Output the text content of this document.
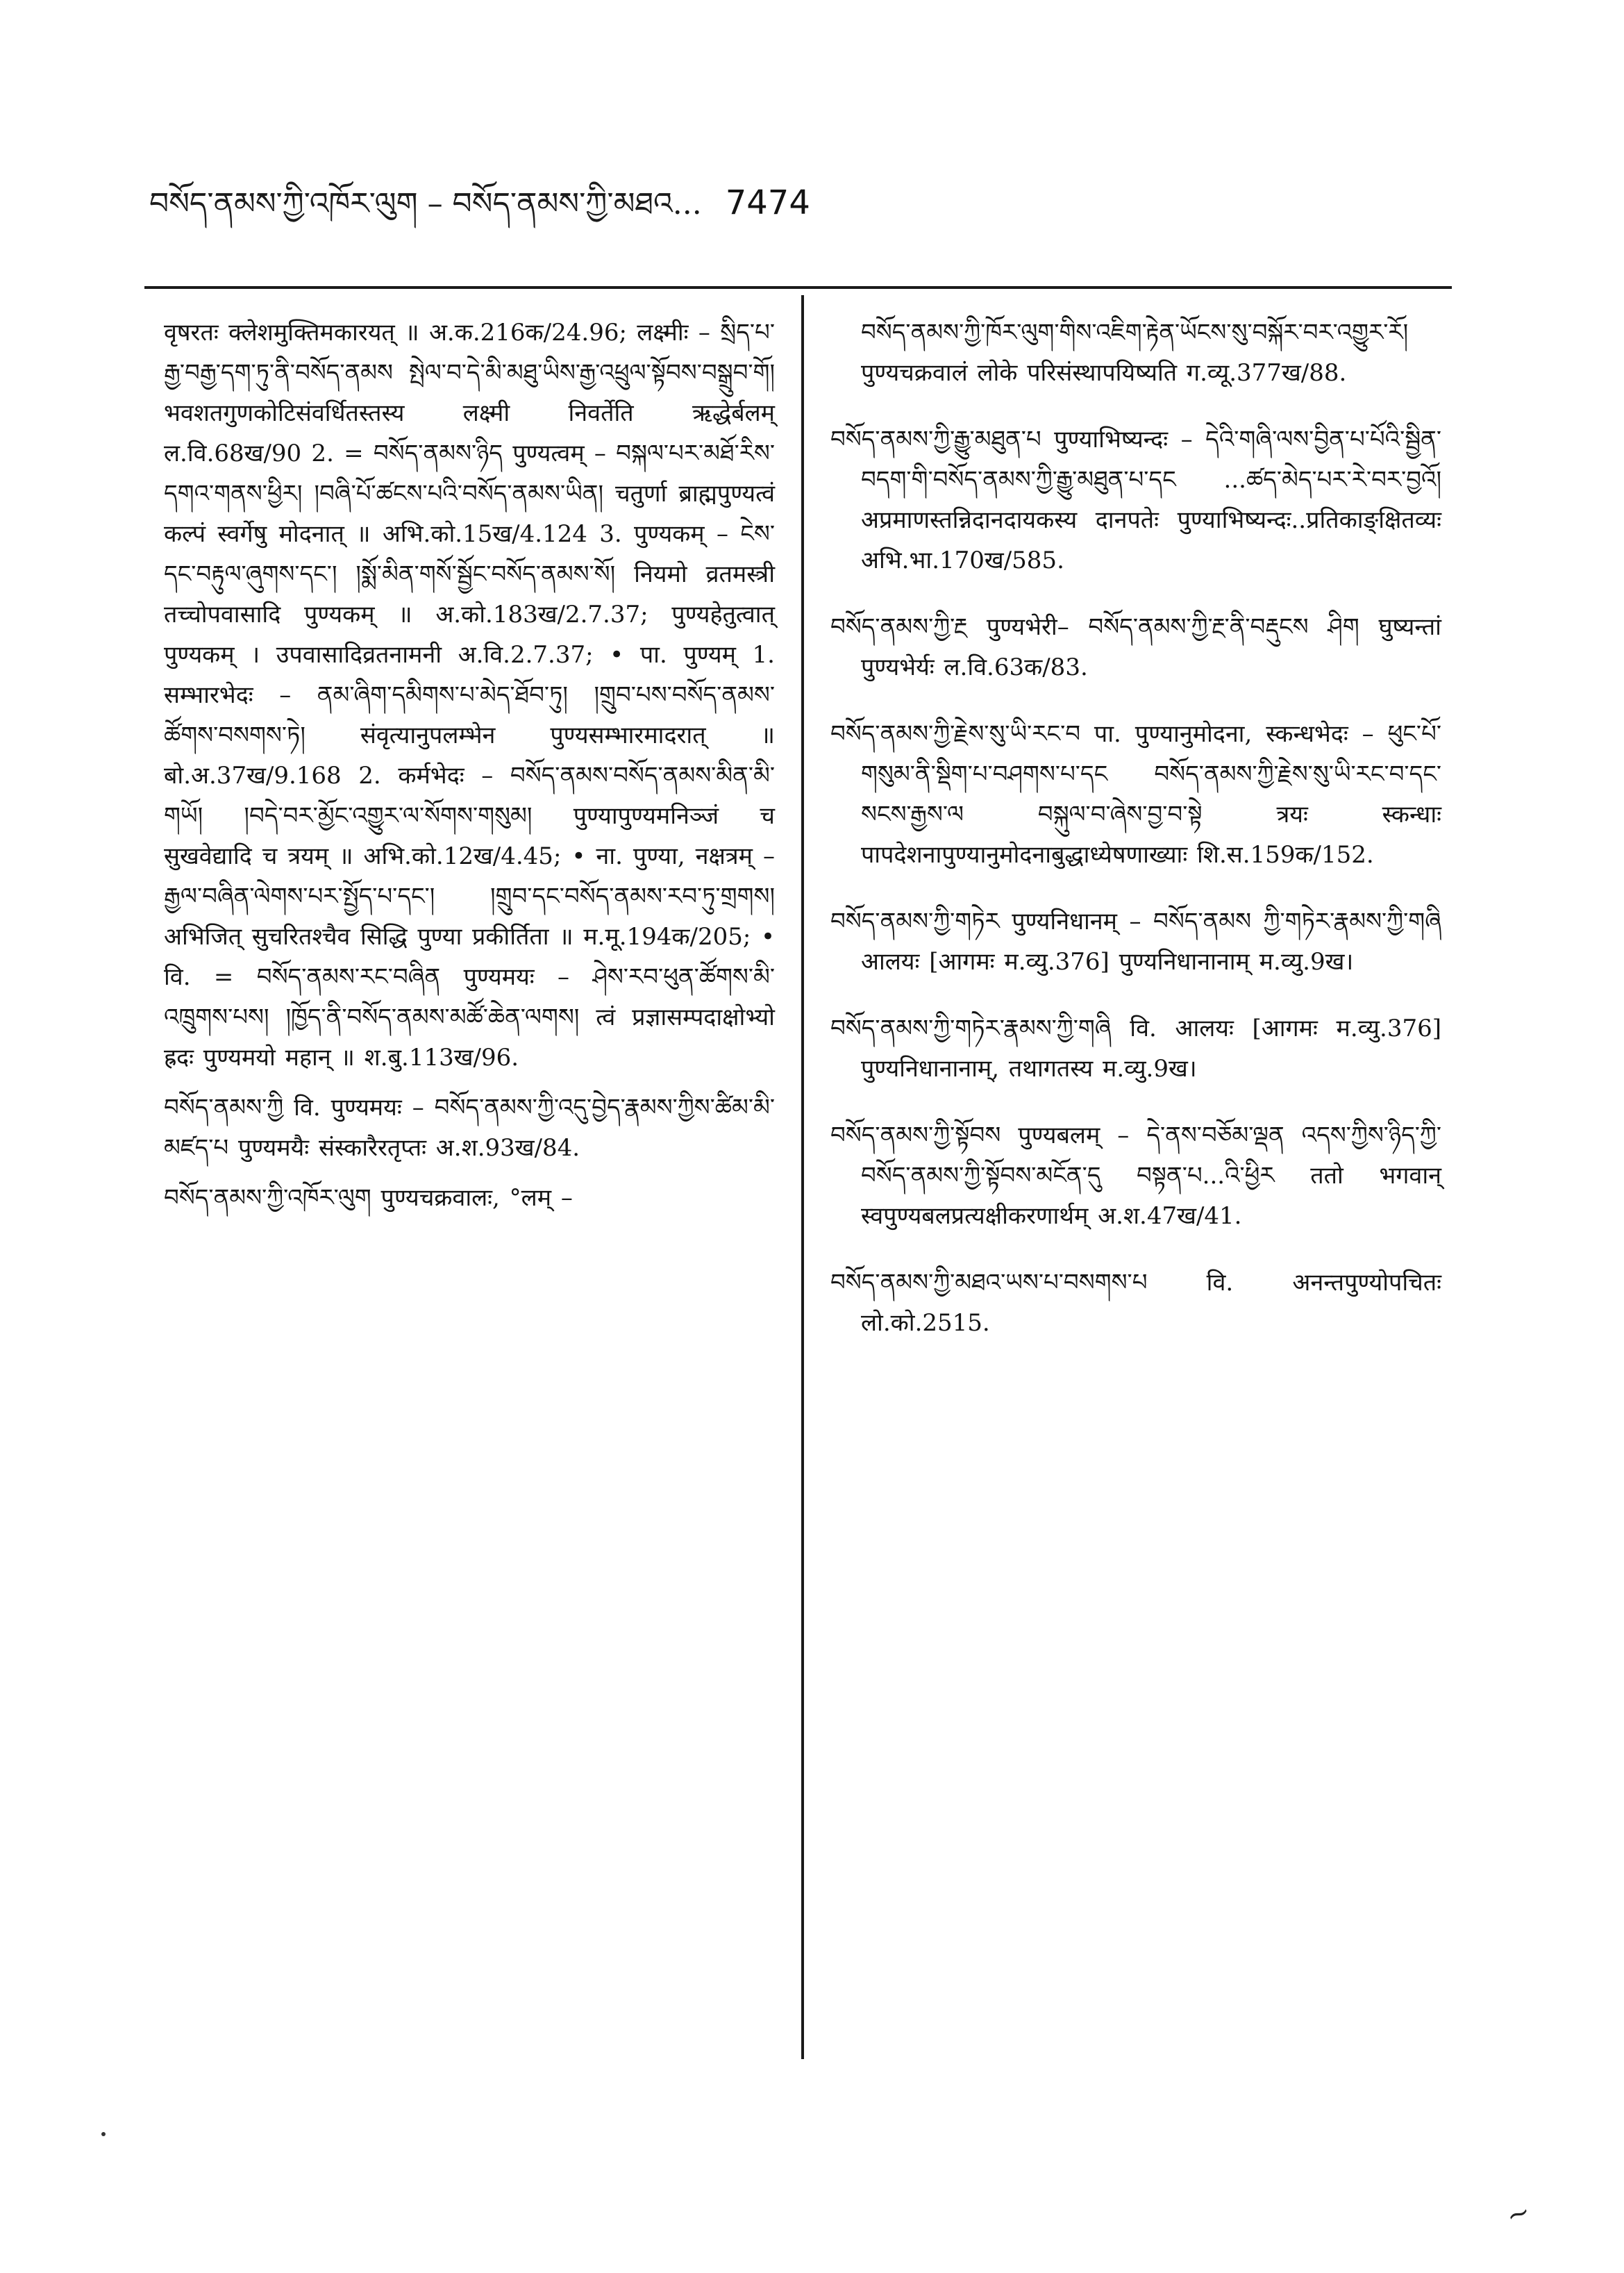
བསོད་ནམས་ཀྱི་འཁོར་ལུག – བསོད་ནམས་ཀྱི་མཐའ... 7474

वृषरतः क्लेशमुक्तिमकारयत् ॥ अ.क.216क/24.96; लक्ष्मीः – སྲིད་པ་རྒྱ་བརྒྱ་དག་ཏུ་ནི་བསོད་ནམས སྤེལ་བ་དེ་མི་མཐུ་ཡིས་རྒྱ་འཕྲུལ་སྟོབས་བསྒྲུབ་གོ། भवशतगुणकोटिसंवर्धितस्तस्य लक्ष्मी निवर्तेति ऋद्धेर्बलम् ल.वि.68ख/90 2. = བསོད་ནམས་ཉིད पुण्यत्वम् – བསྐལ་པར་མཐོ་རིས་དགའ་གནས་ཕྱིར། །བཞི་པོ་ཚངས་པའི་བསོད་ནམས་ཡིན། चतुर्णा ब्राह्मपुण्यत्वं कल्पं स्वर्गेषु मोदनात् ॥ अभि.को.15ख/4.124 3. पुण्यकम् – ངེས་དང་བརྟུལ་ཞུགས་དང་། །སྨོ་མིན་གསོ་སྦྱོང་བསོད་ནམས་སོ། नियमो व्रतमस्त्री तच्चोपवासादि पुण्यकम् ॥ अ.को.183ख/2.7.37; पुण्यहेतुत्वात् पुण्यकम् । उपवासादिव्रतनामनी अ.वि.2.7.37; • पा. पुण्यम् 1. सम्भारभेदः – ནམ་ཞིག་དམིགས་པ་མེད་ཐོབ་ཏུ། །གྲུབ་པས་བསོད་ནམས་ཚོགས་བསགས་ཏེ། संवृत्यानुपलम्भेन पुण्यसम्भारमादरात् ॥ बो.अ.37ख/9.168 2. कर्मभेदः – བསོད་ནམས་བསོད་ནམས་མིན་མི་གཡོ། །བདེ་བར་མྱོང་འགྱུར་ལ་སོགས་གསུམ། पुण्यापुण्यमनिञ्जं च सुखवेद्यादि च त्रयम् ॥ अभि.को.12ख/4.45; • ना. पुण्या, नक्षत्रम् – རྒྱལ་བཞིན་ལེགས་པར་སྤྱོད་པ་དང་། །གྲུབ་དང་བསོད་ནམས་རབ་ཏུ་གྲགས། अभिजित् सुचरितश्चैव सिद्धि पुण्या प्रकीर्तिता ॥ म.मू.194क/205; • वि. = བསོད་ནམས་རང་བཞིན पुण्यमयः – ཤེས་རབ་ཕུན་ཚོགས་མི་འཁྲུགས་པས། །ཁྱོད་ནི་བསོད་ནམས་མཚོ་ཆེན་ལགས། त्वं प्रज्ञासम्पदाक्षोभ्यो ह्रदः पुण्यमयो महान् ॥ श.बु.113ख/96.

བསོད་ནམས་ཀྱི वि. पुण्यमयः – བསོད་ནམས་ཀྱི་འདུ་བྱེད་རྣམས་ཀྱིས་ཚིམ་མི་མཛད་པ पुण्यमयैः संस्कारैरतृप्तः अ.श.93ख/84.

བསོད་ནམས་ཀྱི་འཁོར་ལུག पुण्यचक्रवालः, °लम् –

བསོད་ནམས་ཀྱི་ཁོར་ལུག་གིས་འཇིག་རྟེན་ཡོངས་སུ་བསྐོར་བར་འགྱུར་རོ། पुण्यचक्रवालं लोके परिसंस्थापयिष्यति ग.व्यू.377ख/88.

བསོད་ནམས་ཀྱི་རྒྱུ་མཐུན་པ पुण्याभिष्यन्दः – དེའི་གཞི་ལས་བྱིན་པ་པོའི་སྦྱིན་བདག་གི་བསོད་ནམས་ཀྱི་རྒྱུ་མཐུན་པ་དང ...ཚད་མེད་པར་རེ་བར་བྱའོ། अप्रमाणस्तन्निदानदायकस्य दानपतेः पुण्याभिष्यन्दः..प्रतिकाङ्क्षितव्यः अभि.भा.170ख/585.

བསོད་ནམས་ཀྱི་རྔ पुण्यभेरी– བསོད་ནམས་ཀྱི་རྔ་ནི་བརྡུངས ཤིག घुष्यन्तां पुण्यभेर्यः ल.वि.63क/83.

བསོད་ནམས་ཀྱི་རྗེས་སུ་ཡི་རང་བ पा. पुण्यानुमोदना, स्कन्धभेदः – ཕུང་པོ་གསུམ་ནི་སྡིག་པ་བཤགས་པ་དང བསོད་ནམས་ཀྱི་རྗེས་སུ་ཡི་རང་བ་དང་སངས་རྒྱས་ལ བསྐུལ་བ་ཞེས་བྱ་བ་སྟེ त्रयः स्कन्धाः पापदेशनापुण्यानुमोदनाबुद्धाध्येषणाख्याः शि.स.159क/152.

བསོད་ནམས་ཀྱི་གཏེར पुण्यनिधानम् – བསོད་ནམས ཀྱི་གཏེར་རྣམས་ཀྱི་གཞི आलयः [आगमः म.व्यु.376] पुण्यनिधानानाम् म.व्यु.9ख।

བསོད་ནམས་ཀྱི་གཏེར་རྣམས་ཀྱི་གཞི वि. आलयः [आगमः म.व्यु.376] पुण्यनिधानानाम्, तथागतस्य म.व्यु.9ख।

བསོད་ནམས་ཀྱི་སྟོབས पुण्यबलम् – དེ་ནས་བཅོམ་ལྡན འདས་ཀྱིས་ཉིད་ཀྱི་བསོད་ནམས་ཀྱི་སྟོབས་མངོན་དུ བསྟན་པ...འི་ཕྱིར ततो भगवान् स्वपुण्यबलप्रत्यक्षीकरणार्थम् अ.श.47ख/41.

བསོད་ནམས་ཀྱི་མཐའ་ཡས་པ་བསགས་པ वि. अनन्तपुण्योपचितः लो.को.2515.

~
